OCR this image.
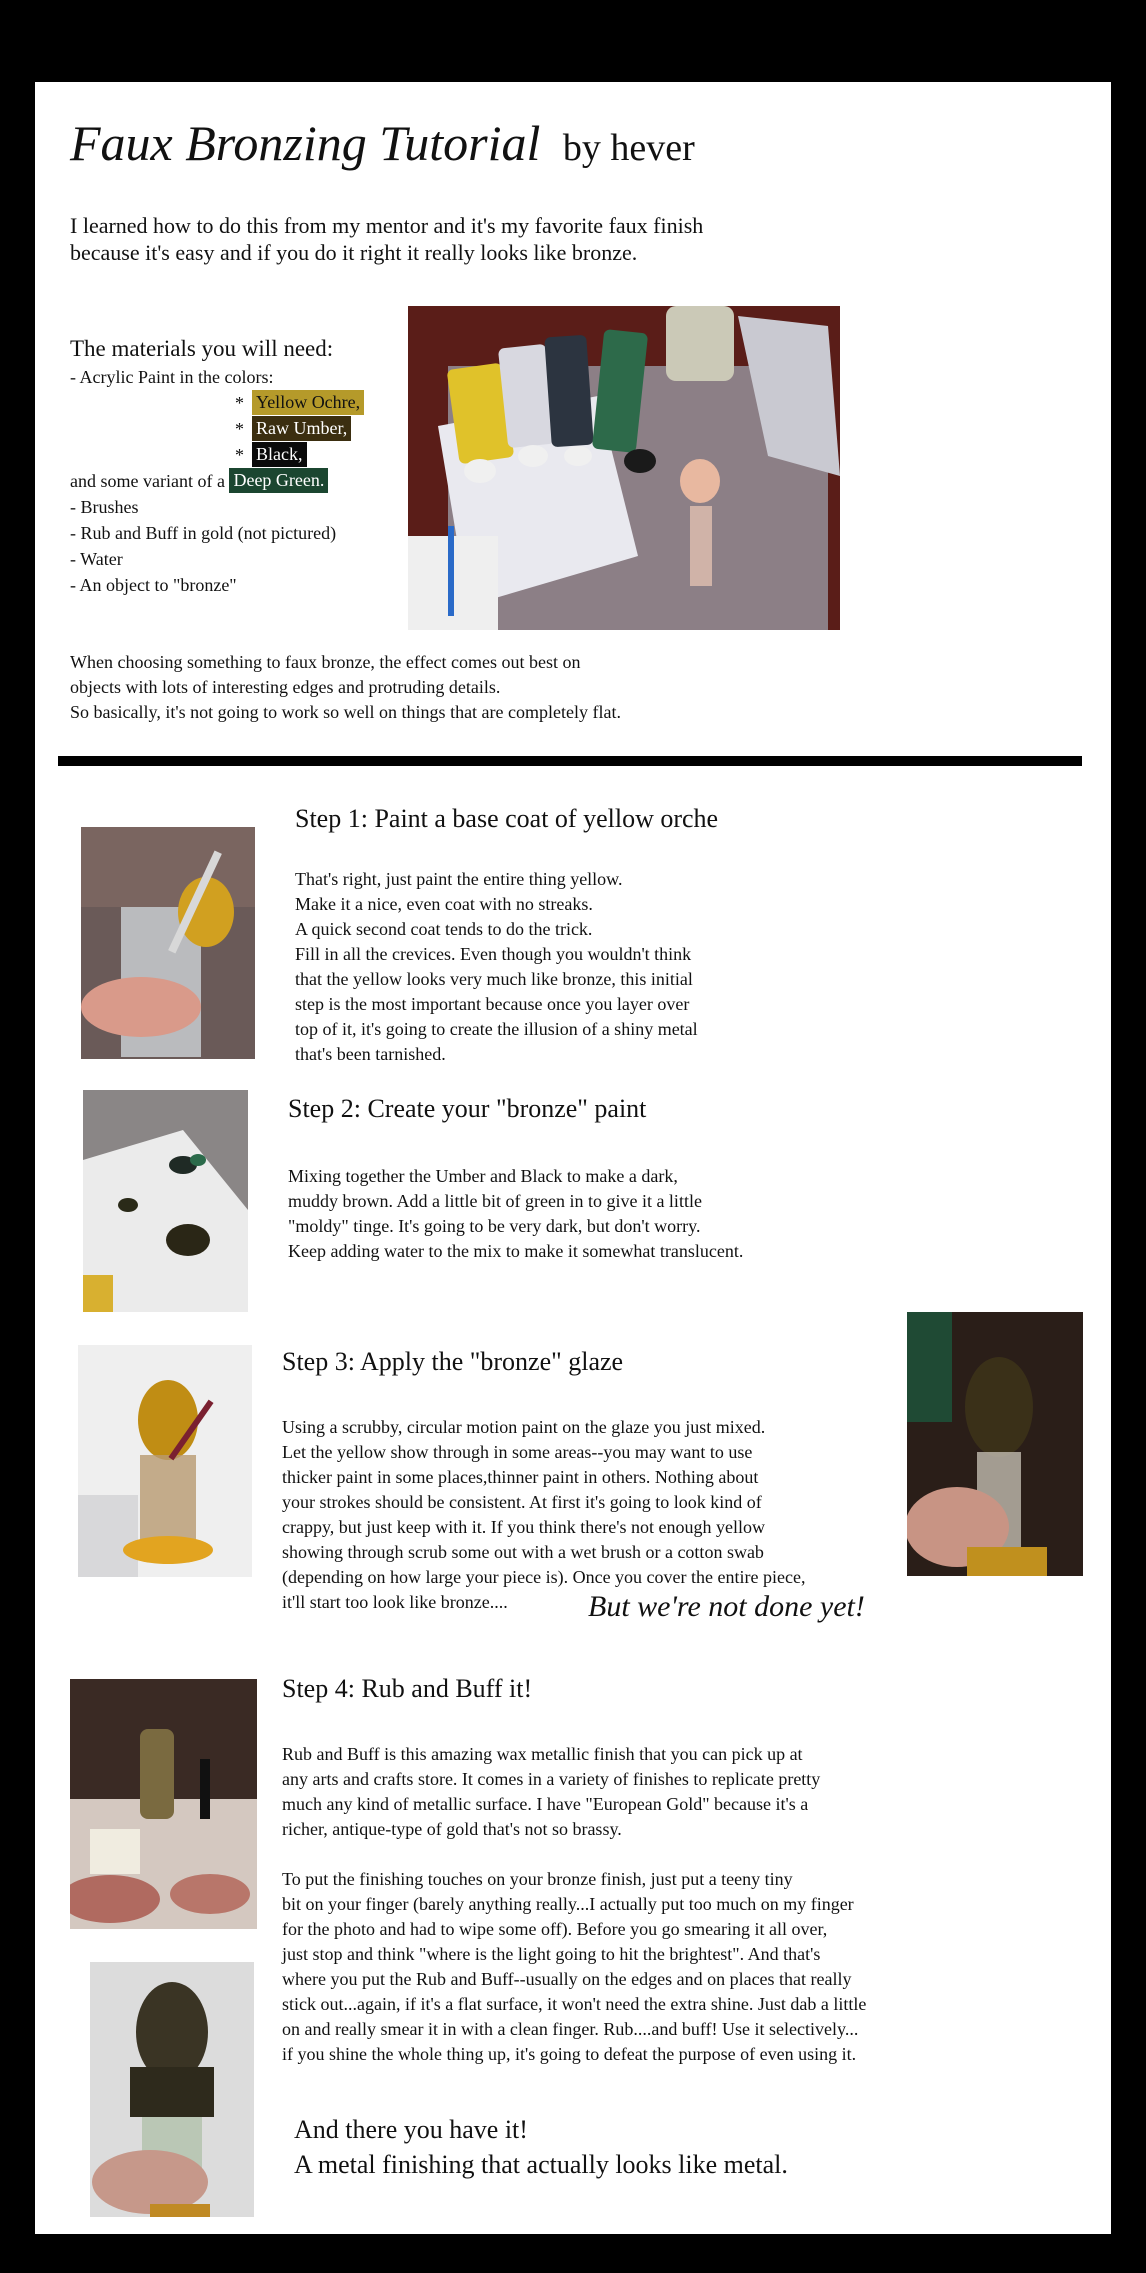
Faux Bronzing Tutorial by hever
I learned how to do this from my mentor and it's my favorite faux finish
because it's easy and if you do it right it really looks like bronze.
The materials you will need:
- Acrylic Paint in the colors:
* Yellow Ochre,
* Raw Umber,
* Black,
and some variant of a Deep Green.
- Brushes
- Rub and Buff in gold (not pictured)
- Water
- An object to "bronze"
When choosing something to faux bronze, the effect comes out best on
objects with lots of interesting edges and protruding details.
So basically, it's not going to work so well on things that are completely flat.
Step 1: Paint a base coat of yellow orche
That's right, just paint the entire thing yellow.
Make it a nice, even coat with no streaks.
A quick second coat tends to do the trick.
Fill in all the crevices. Even though you wouldn't think
that the yellow looks very much like bronze, this initial
step is the most important because once you layer over
top of it, it's going to create the illusion of a shiny metal
that's been tarnished.
Step 2: Create your "bronze" paint
Mixing together the Umber and Black to make a dark,
muddy brown. Add a little bit of green in to give it a little
"moldy" tinge. It's going to be very dark, but don't worry.
Keep adding water to the mix to make it somewhat translucent.
Step 3: Apply the "bronze" glaze
Using a scrubby, circular motion paint on the glaze you just mixed.
Let the yellow show through in some areas--you may want to use
thicker paint in some places,thinner paint in others. Nothing about
your strokes should be consistent. At first it's going to look kind of
crappy, but just keep with it. If you think there's not enough yellow
showing through scrub some out with a wet brush or a cotton swab
(depending on how large your piece is). Once you cover the entire piece,
it'll start too look like bronze....	But we're not done yet!
Step 4: Rub and Buff it!
Rub and Buff is this amazing wax metallic finish that you can pick up at
any arts and crafts store. It comes in a variety of finishes to replicate pretty
much any kind of metallic surface. I have "European Gold" because it's a
richer, antique-type of gold that's not so brassy.
To put the finishing touches on your bronze finish, just put a teeny tiny
bit on your finger (barely anything really...I actually put too much on my finger
for the photo and had to wipe some off). Before you go smearing it all over,
just stop and think "where is the light going to hit the brightest". And that's
where you put the Rub and Buff--usually on the edges and on places that really
stick out...again, if it's a flat surface, it won't need the extra shine. Just dab a little
on and really smear it in with a clean finger. Rub....and buff! Use it selectively...
if you shine the whole thing up, it's going to defeat the purpose of even using it.
And there you have it!
A metal finishing that actually looks like metal.
